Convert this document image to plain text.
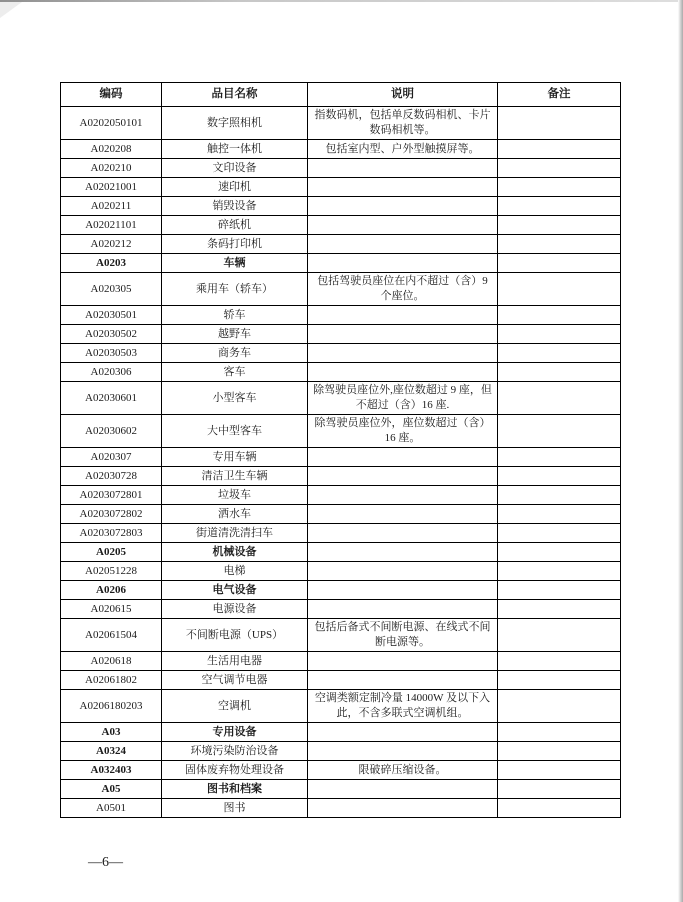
编码	品目名称	说明	备注
A0202050101	数字照相机	指数码机，包括单反数码相机、卡片数码相机等。	
A020208	触控一体机	包括室内型、户外型触摸屏等。	
A020210	文印设备		
A02021001	速印机		
A020211	销毁设备		
A02021101	碎纸机		
A020212	条码打印机		
A0203	车辆		
A020305	乘用车（轿车）	包括驾驶员座位在内不超过（含）9 个座位。	
A02030501	轿车		
A02030502	越野车		
A02030503	商务车		
A020306	客车		
A02030601	小型客车	除驾驶员座位外,座位数超过 9 座，但不超过（含）16 座.	
A02030602	大中型客车	除驾驶员座位外，座位数超过（含）16 座。	
A020307	专用车辆		
A02030728	清洁卫生车辆		
A0203072801	垃圾车		
A0203072802	洒水车		
A0203072803	街道清洗清扫车		
A0205	机械设备		
A02051228	电梯		
A0206	电气设备		
A020615	电源设备		
A02061504	不间断电源（UPS）	包括后备式不间断电源、在线式不间断电源等。	
A020618	生活用电器		
A02061802	空气调节电器		
A0206180203	空调机	空调类额定制冷量 14000W 及以下入此，不含多联式空调机组。	
A03	专用设备		
A0324	环境污染防治设备		
A032403	固体废弃物处理设备	限破碎压缩设备。	
A05	图书和档案		
A0501	图书		
—6—
